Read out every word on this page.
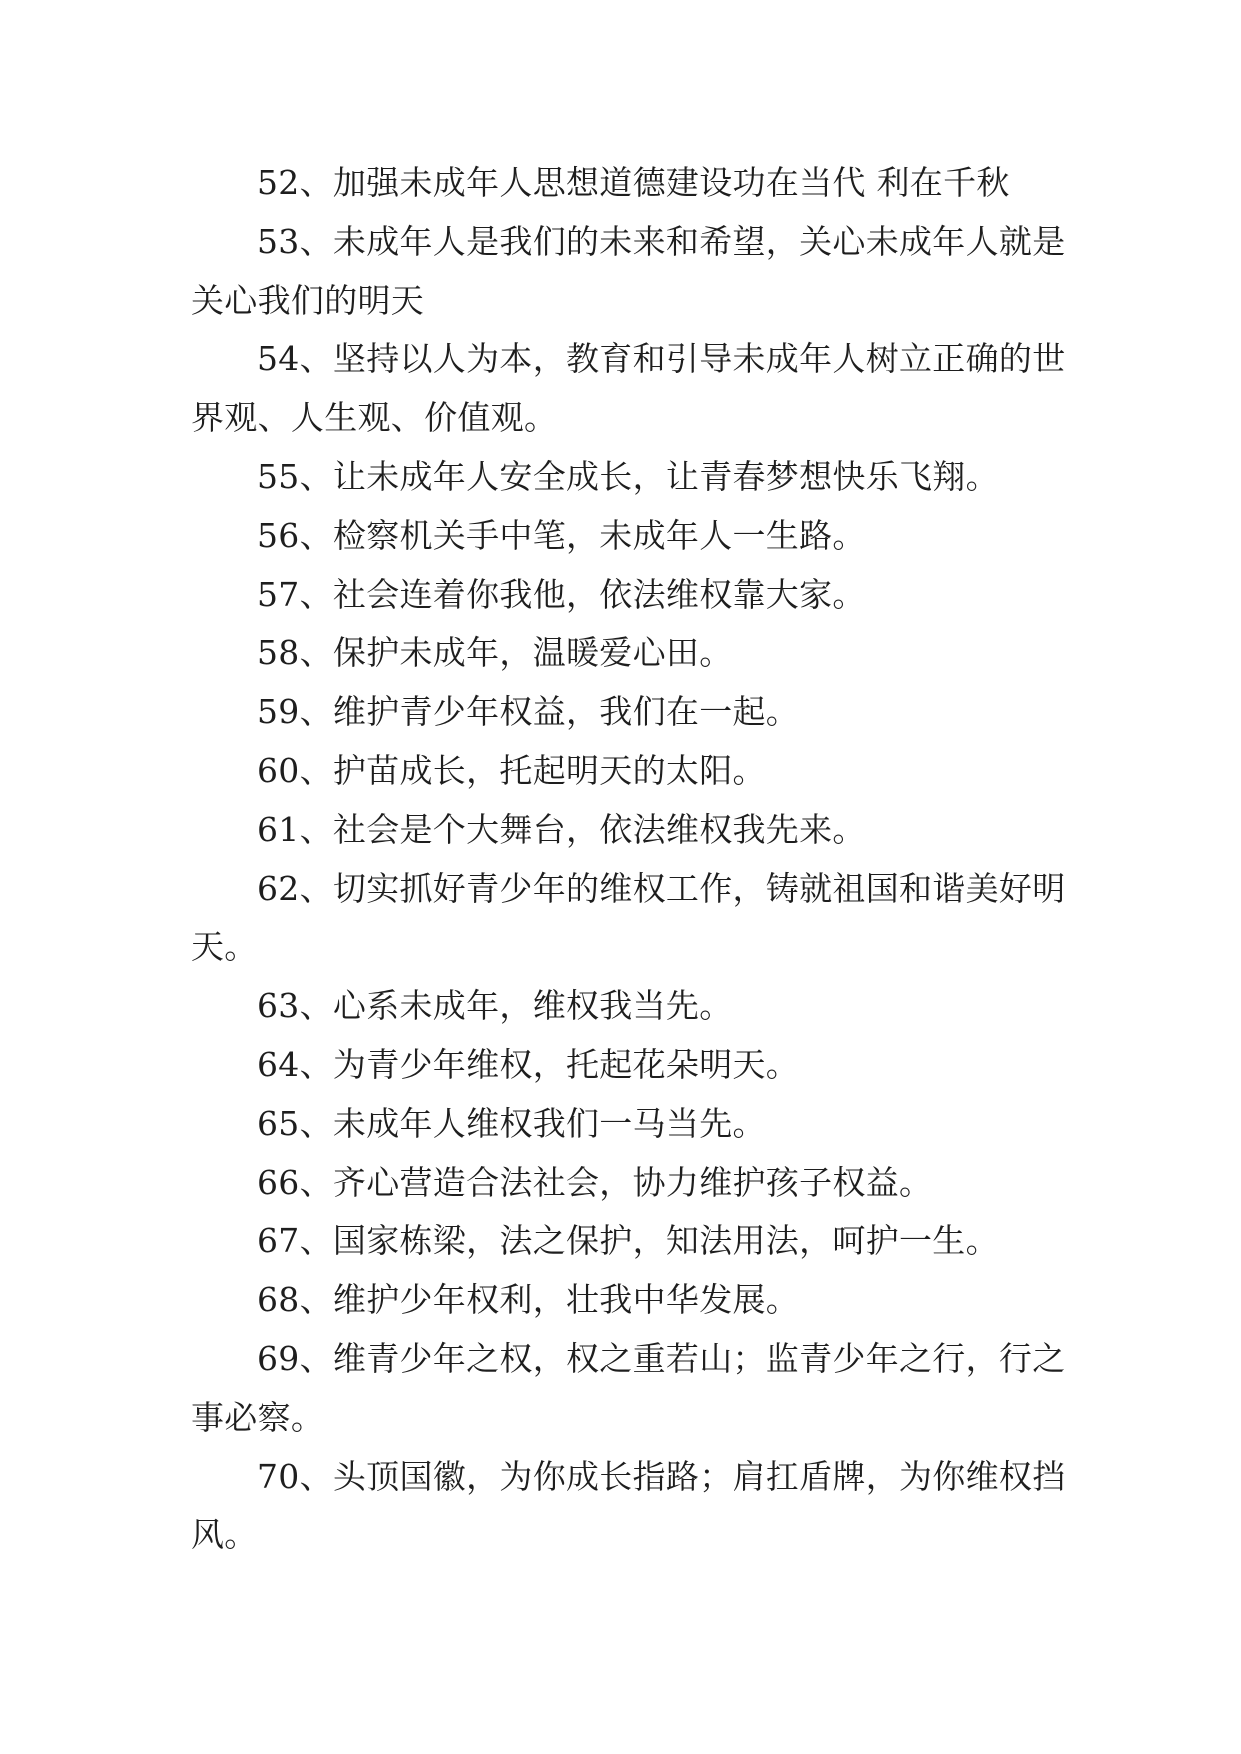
52、加强未成年人思想道德建设功在当代 利在千秋
53、未成年人是我们的未来和希望，关心未成年人就是
关心我们的明天
54、坚持以人为本，教育和引导未成年人树立正确的世
界观、人生观、价值观。
55、让未成年人安全成长，让青春梦想快乐飞翔。
56、检察机关手中笔，未成年人一生路。
57、社会连着你我他，依法维权靠大家。
58、保护未成年，温暖爱心田。
59、维护青少年权益，我们在一起。
60、护苗成长，托起明天的太阳。
61、社会是个大舞台，依法维权我先来。
62、切实抓好青少年的维权工作，铸就祖国和谐美好明
天。
63、心系未成年，维权我当先。
64、为青少年维权，托起花朵明天。
65、未成年人维权我们一马当先。
66、齐心营造合法社会，协力维护孩子权益。
67、国家栋梁，法之保护，知法用法，呵护一生。
68、维护少年权利，壮我中华发展。
69、维青少年之权，权之重若山；监青少年之行，行之
事必察。
70、头顶国徽，为你成长指路；肩扛盾牌，为你维权挡
风。
